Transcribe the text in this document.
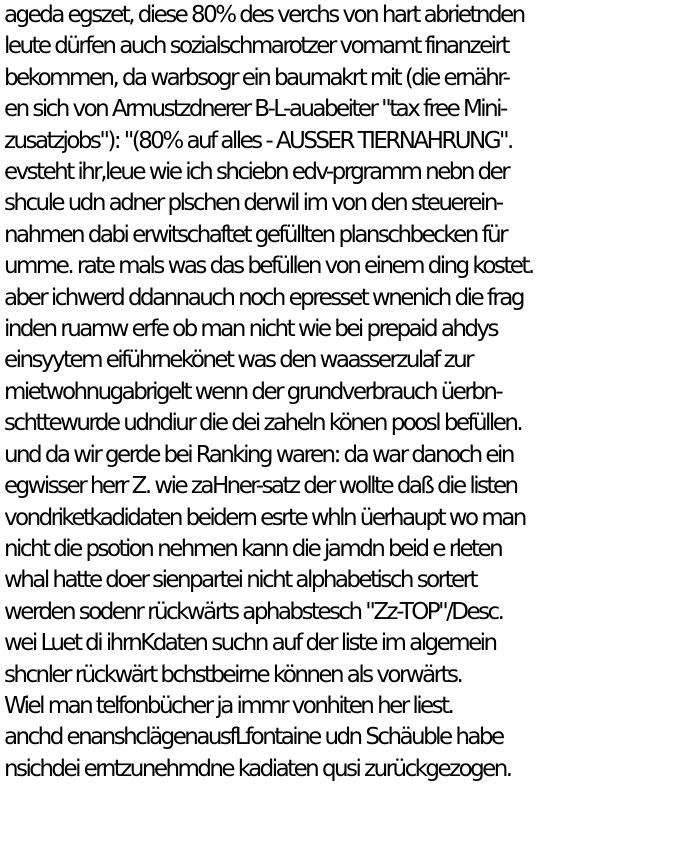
ageda egszet, diese 80% des verchs von hart abrietnden

leute dürfen auch sozialschmarotzer vomamt finanzeirt

bekommen, da warbsogr ein baumakrt mit (die ernähr-

en sich von Armustzdnerer B-L-auabeiter "tax free Mini-

zusatzjobs"): "(80% auf alles - AUSSER TIERNAHRUNG".

evsteht ihr,leue wie ich shciebn edv-prgramm nebn der

shcule udn adner plschen derwil im von den steuerein-

nahmen dabi erwitschaftet gefüllten planschbecken für

umme. rate mals was das befüllen von einem ding kostet.

aber ichwerd ddannauch noch epresset wnenich die frag

inden ruamw erfe ob man nicht wie bei prepaid ahdys

einsyytem eiführnekönet was den waasserzulaf zur

mietwohnugabrigelt wenn der grundverbrauch üerbn-

schttewurde udndiur die dei zaheln könen poosl befüllen.

und da wir gerde bei Ranking waren: da war danoch ein

egwisser herr Z. wie zaHner-satz der wollte daß die listen

vondriketkadidaten beidern esrte whln üerhaupt wo man

nicht die psotion nehmen kann die jamdn beid e rleten

whal hatte doer sienpartei nicht alphabetisch sortert

werden sodenr rückwärts aphabstesch "Zz-TOP"/Desc.

wei Luet di ihrnKdaten suchn auf der liste im algemein

shcnler rückwärt bchstbeirne können als vorwärts.

Wiel man telfonbücher ja immr vonhiten her liest.

anchd enanshclägenausfLfontaine udn Schäuble habe

nsichdei erntzunehmdne kadiaten qusi zurückgezogen.
